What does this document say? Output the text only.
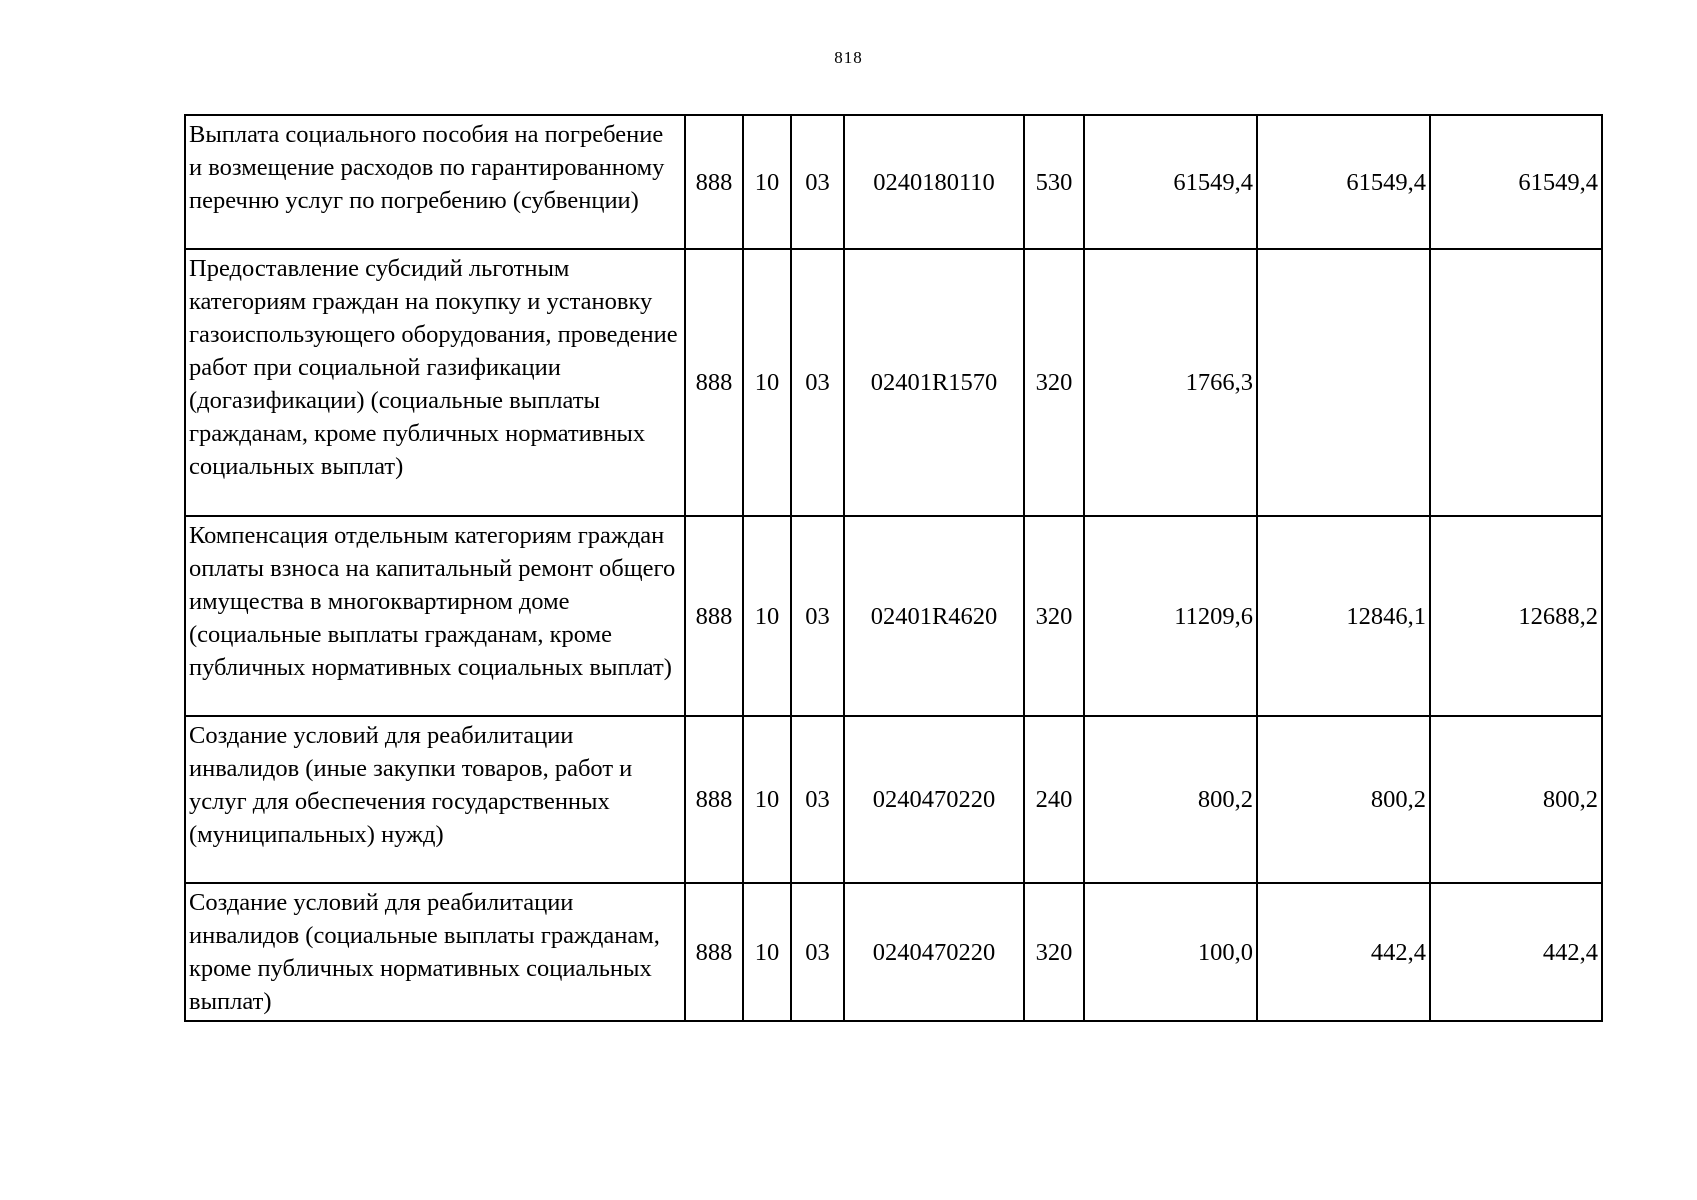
818
Выплата социального пособия на погребение и возмещение расходов по гарантированному перечню услуг по погребению (субвенции)	888	10	03	0240180110	530	61549,4	61549,4	61549,4
Предоставление субсидий льготным категориям граждан на покупку и установку газоиспользующего оборудования, проведение работ при социальной газификации (догазификации) (социальные выплаты гражданам, кроме публичных нормативных социальных выплат)	888	10	03	02401R1570	320	1766,3		
Компенсация отдельным категориям граждан оплаты взноса на капитальный ремонт общего имущества в многоквартирном доме (социальные выплаты гражданам, кроме публичных нормативных социальных выплат)	888	10	03	02401R4620	320	11209,6	12846,1	12688,2
Создание условий для реабилитации инвалидов (иные закупки товаров, работ и услуг для обеспечения государственных (муниципальных) нужд)	888	10	03	0240470220	240	800,2	800,2	800,2
Создание условий для реабилитации инвалидов (социальные выплаты гражданам, кроме публичных нормативных социальных выплат)	888	10	03	0240470220	320	100,0	442,4	442,4
